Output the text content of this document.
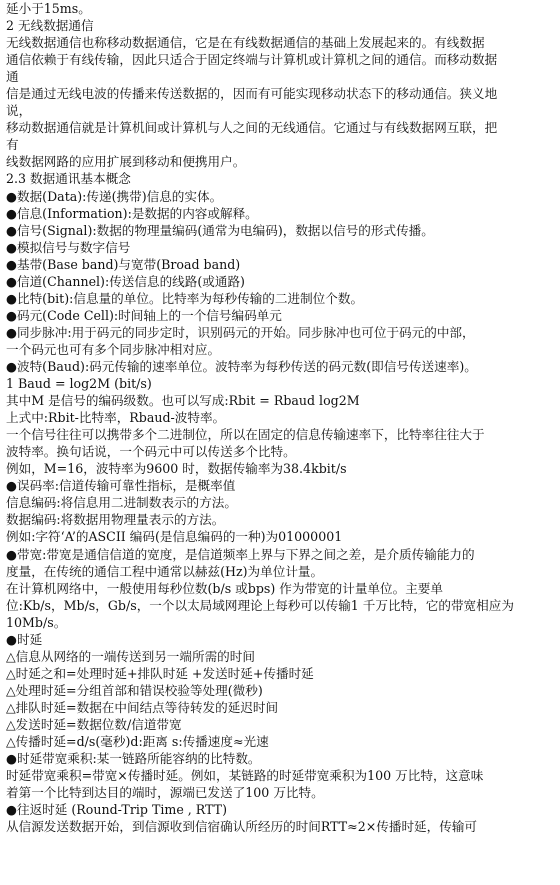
延小于15ms。
2 无线数据通信
无线数据通信也称移动数据通信，它是在有线数据通信的基础上发展起来的。有线数据
通信依赖于有线传输，因此只适合于固定终端与计算机或计算机之间的通信。而移动数据
通
信是通过无线电波的传播来传送数据的，因而有可能实现移动状态下的移动通信。狭义地
说，
移动数据通信就是计算机间或计算机与人之间的无线通信。它通过与有线数据网互联，把
有
线数据网路的应用扩展到移动和便携用户。
2.3 数据通讯基本概念
●数据(Data):传递(携带)信息的实体。
●信息(Information):是数据的内容或解释。
●信号(Signal):数据的物理量编码(通常为电编码)，数据以信号的形式传播。
●模拟信号与数字信号
●基带(Base band)与宽带(Broad band)
●信道(Channel):传送信息的线路(或通路)
●比特(bit):信息量的单位。比特率为每秒传输的二进制位个数。
●码元(Code Cell):时间轴上的一个信号编码单元
●同步脉冲:用于码元的同步定时，识别码元的开始。同步脉冲也可位于码元的中部，
一个码元也可有多个同步脉冲相对应。
●波特(Baud):码元传输的速率单位。波特率为每秒传送的码元数(即信号传送速率)。
1 Baud = log2M (bit/s)
其中M 是信号的编码级数。也可以写成:Rbit = Rbaud log2M
上式中:Rbit-比特率，Rbaud-波特率。
一个信号往往可以携带多个二进制位，所以在固定的信息传输速率下，比特率往往大于
波特率。换句话说，一个码元中可以传送多个比特。
例如，M=16，波特率为9600 时，数据传输率为38.4kbit/s
●误码率:信道传输可靠性指标，是概率值
信息编码:将信息用二进制数表示的方法。
数据编码:将数据用物理量表示的方法。
例如:字符‘A’的ASCII 编码(是信息编码的一种)为01000001
●带宽:带宽是通信信道的宽度，是信道频率上界与下界之间之差，是介质传输能力的
度量，在传统的通信工程中通常以赫兹(Hz)为单位计量。
在计算机网络中，一般使用每秒位数(b/s 或bps) 作为带宽的计量单位。主要单
位:Kb/s，Mb/s，Gb/s，一个以太局域网理论上每秒可以传输1 千万比特，它的带宽相应为
10Mb/s。
●时延
△信息从网络的一端传送到另一端所需的时间
△时延之和=处理时延+排队时延 +发送时延+传播时延
△处理时延=分组首部和错误校验等处理(微秒)
△排队时延=数据在中间结点等待转发的延迟时间
△发送时延=数据位数/信道带宽
△传播时延=d/s(毫秒)d:距离 s:传播速度≈光速
●时延带宽乘积:某一链路所能容纳的比特数。
时延带宽乘积=带宽×传播时延。例如，某链路的时延带宽乘积为100 万比特，这意味
着第一个比特到达目的端时，源端已发送了100 万比特。
●往返时延 (Round-Trip Time , RTT)
从信源发送数据开始，到信源收到信宿确认所经历的时间RTT≈2×传播时延，传输可
